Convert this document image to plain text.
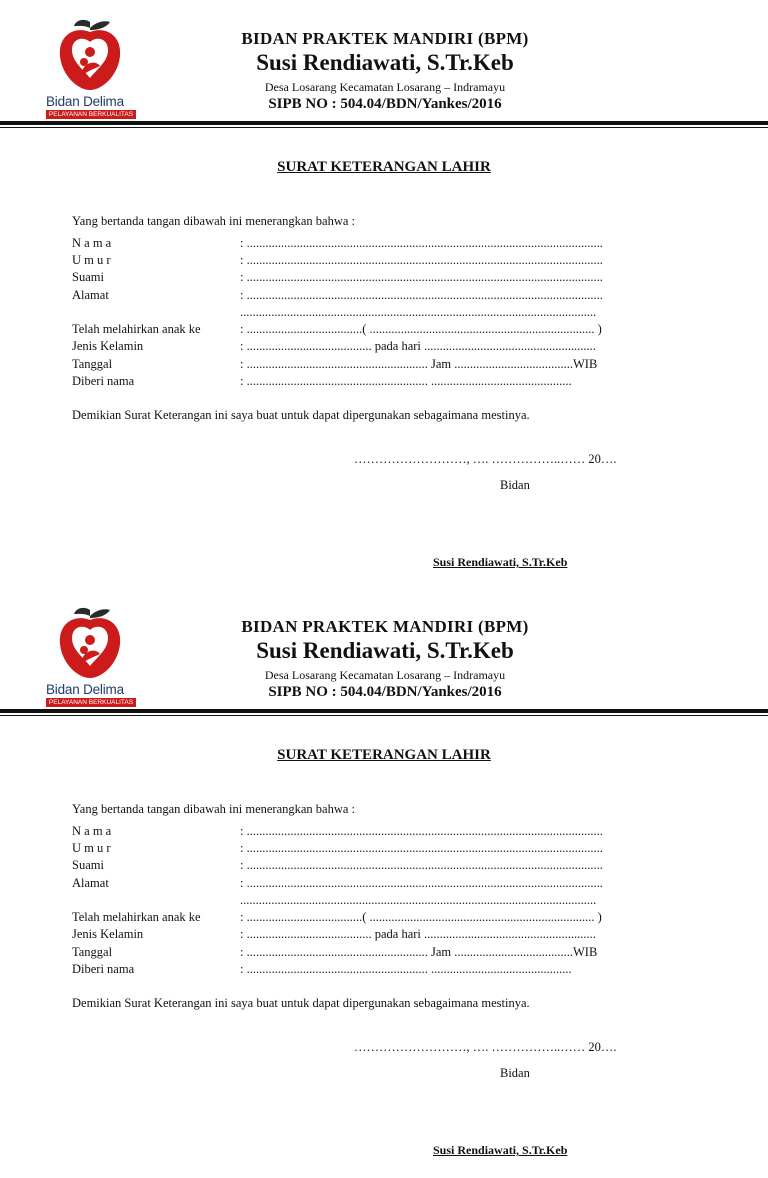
Bidan Delima
PELAYANAN BERKUALITAS
BIDAN PRAKTEK MANDIRI (BPM)
Susi Rendiawati, S.Tr.Keb
Desa Losarang Kecamatan Losarang – Indramayu
SIPB NO : 504.04/BDN/Yankes/2016
SURAT KETERANGAN LAHIR
Yang bertanda tangan dibawah ini menerangkan bahwa :
N a m a	: ..................................................................................................................
U m u r	: ..................................................................................................................
Suami	: ..................................................................................................................
Alamat	: ..................................................................................................................
..................................................................................................................
Telah melahirkan anak ke	: .....................................( ........................................................................ )
Jenis Kelamin	: ........................................ pada hari .......................................................
Tanggal	: .......................................................... Jam ......................................WIB
Diberi nama	: .......................................................... .............................................
Demikian Surat Keterangan ini saya buat untuk dapat dipergunakan sebagaimana mestinya.
………………………, …. ……………..…… 20….
Bidan
Susi Rendiawati, S.Tr.Keb
Bidan Delima
PELAYANAN BERKUALITAS
BIDAN PRAKTEK MANDIRI (BPM)
Susi Rendiawati, S.Tr.Keb
Desa Losarang Kecamatan Losarang – Indramayu
SIPB NO : 504.04/BDN/Yankes/2016
SURAT KETERANGAN LAHIR
Yang bertanda tangan dibawah ini menerangkan bahwa :
N a m a	: ..................................................................................................................
U m u r	: ..................................................................................................................
Suami	: ..................................................................................................................
Alamat	: ..................................................................................................................
..................................................................................................................
Telah melahirkan anak ke	: .....................................( ........................................................................ )
Jenis Kelamin	: ........................................ pada hari .......................................................
Tanggal	: .......................................................... Jam ......................................WIB
Diberi nama	: .......................................................... .............................................
Demikian Surat Keterangan ini saya buat untuk dapat dipergunakan sebagaimana mestinya.
………………………, …. ……………..…… 20….
Bidan
Susi Rendiawati, S.Tr.Keb
